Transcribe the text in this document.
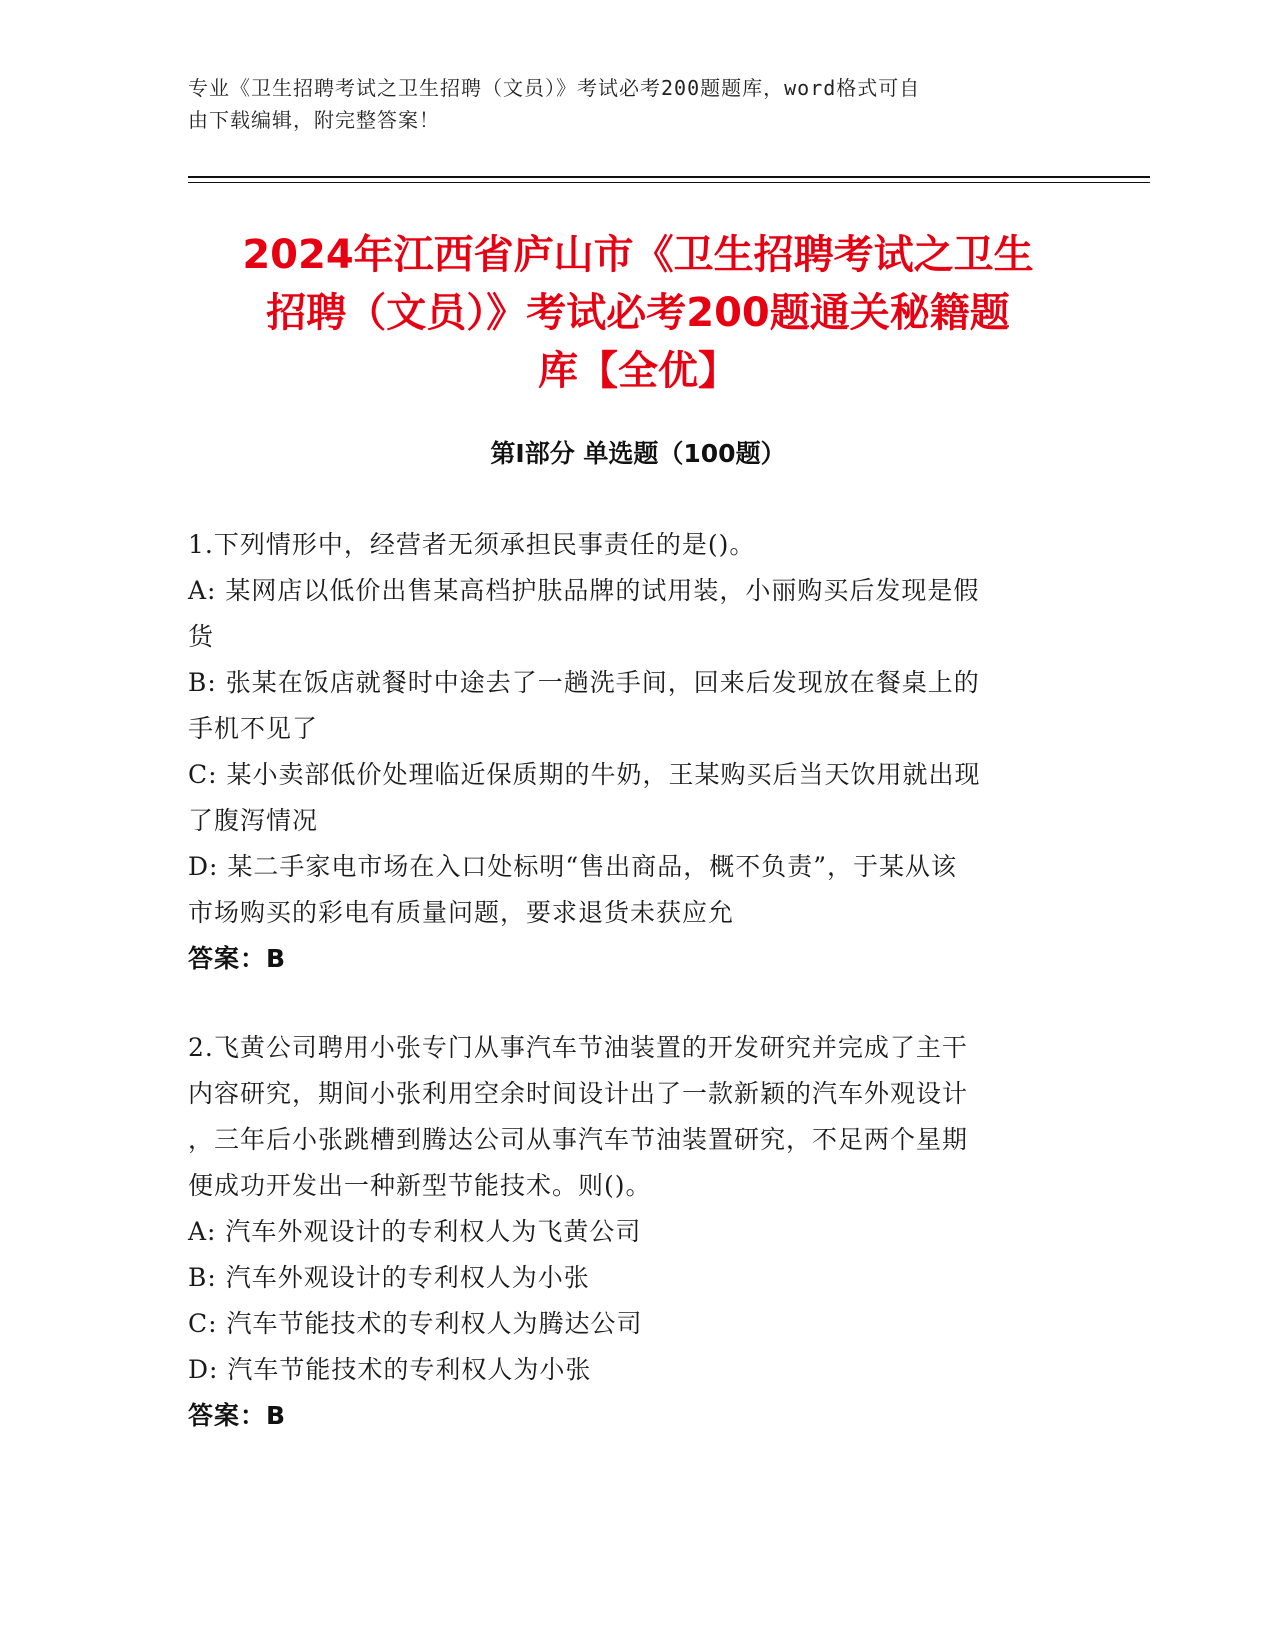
专业《卫生招聘考试之卫生招聘（文员）》考试必考200题题库，word格式可自
由下载编辑，附完整答案！
2024年江西省庐山市《卫生招聘考试之卫生
招聘（文员）》考试必考200题通关秘籍题
库【全优】
第I部分 单选题（100题）
1.下列情形中，经营者无须承担民事责任的是()。
A: 某网店以低价出售某高档护肤品牌的试用装，小丽购买后发现是假
货
B: 张某在饭店就餐时中途去了一趟洗手间，回来后发现放在餐桌上的
手机不见了
C: 某小卖部低价处理临近保质期的牛奶，王某购买后当天饮用就出现
了腹泻情况
D: 某二手家电市场在入口处标明“售出商品，概不负责”，于某从该
市场购买的彩电有质量问题，要求退货未获应允
答案：B
2.飞黄公司聘用小张专门从事汽车节油装置的开发研究并完成了主干
内容研究，期间小张利用空余时间设计出了一款新颖的汽车外观设计
，三年后小张跳槽到腾达公司从事汽车节油装置研究，不足两个星期
便成功开发出一种新型节能技术。则()。
A: 汽车外观设计的专利权人为飞黄公司
B: 汽车外观设计的专利权人为小张
C: 汽车节能技术的专利权人为腾达公司
D: 汽车节能技术的专利权人为小张
答案：B
